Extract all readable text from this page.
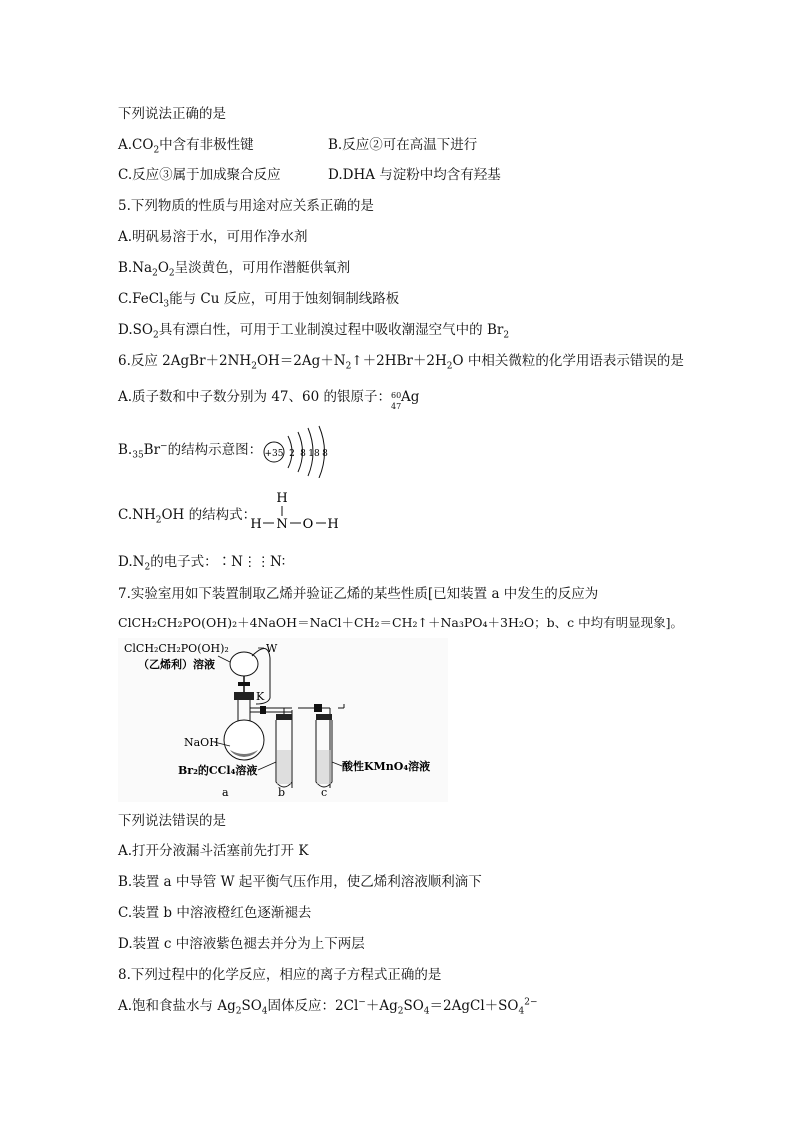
下列说法正确的是
$A.CO_2$中含有非极性键	B.反应②可在高温下进行
C.反应③属于加成聚合反应	D.DHA 与淀粉中均含有羟基
5.下列物质的性质与用途对应关系正确的是
A.明矾易溶于水，可用作净水剂
$B.Na_2O_2$呈淡黄色，可用作潜艇供氧剂
C.FeCl$_3$能与 Cu 反应，可用于蚀刻铜制线路板
$D.SO_2$具有漂白性，可用于工业制溴过程中吸收潮湿空气中的 $Br_2$
6.反应 $2AgBr+2NH_2OH=2Ag+N_2↑+2HBr+2H_2O$ 中相关微粒的化学用语表示错误的是
A.质子数和中子数分别为 47、60 的银原子： 60
47
Ag
$B._{35}Br^-$的结构示意图： +35 2 8 18 8
$C.NH_2OH$ 的结构式：
H
H N O H
$D.N_2$的电子式：∶N⋮⋮N∶
7.实验室用如下装置制取乙烯并验证乙烯的某些性质[已知装置 a 中发生的反应为
ClCH₂CH₂PO(OH)₂＋4NaOH＝NaCl＋CH₂＝CH₂↑＋Na₃PO₄＋3H₂O；b、c 中均有明显现象]。
ClCH₂CH₂PO(OH)₂
（乙烯利）溶液
W
NaOH
K
Br₂的CCl₄溶液	酸性KMnO₄溶液
a	b	c
下列说法错误的是
A.打开分液漏斗活塞前先打开 K
B.装置 a 中导管 W 起平衡气压作用，使乙烯利溶液顺利滴下
C.装置 b 中溶液橙红色逐渐褪去
D.装置 c 中溶液紫色褪去并分为上下两层
8.下列过程中的化学反应，相应的离子方程式正确的是
A.饱和食盐水与 $Ag_2SO_4$固体反应：$2Cl^-+Ag_2SO_4=2AgCl+SO_4^{2-}$
